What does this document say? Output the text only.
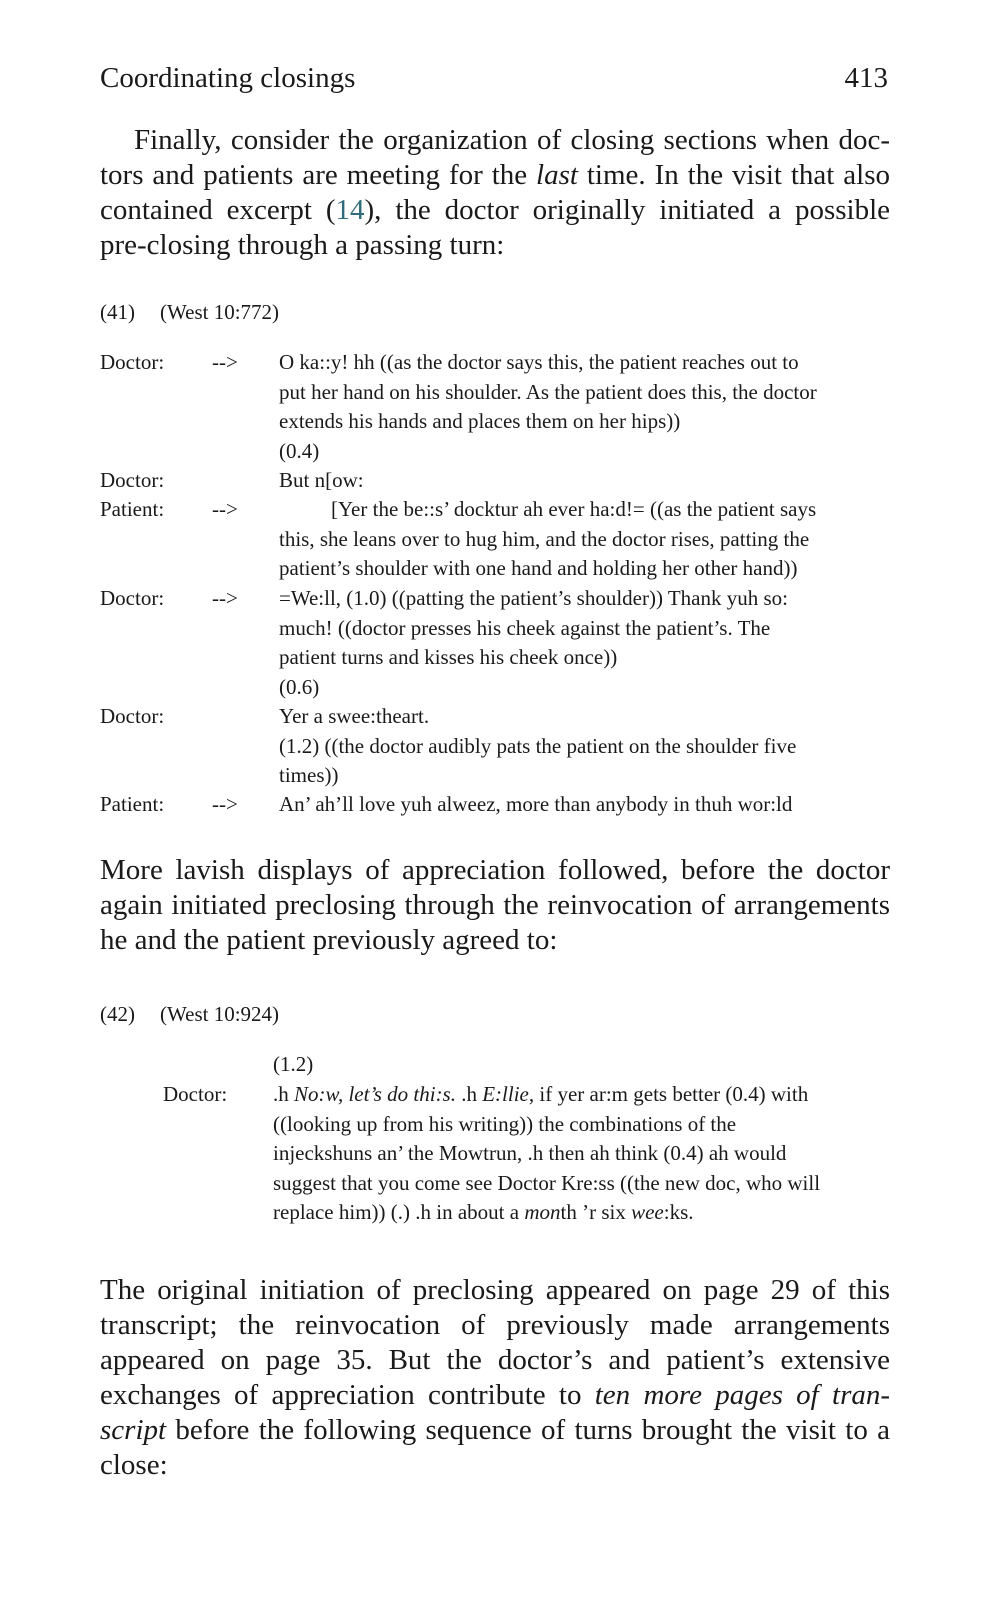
Coordinating closings	413

Finally, consider the organization of closing sections when doc-tors and patients are meeting for the last time. In the visit that also contained excerpt (14), the doctor originally initiated a possible pre-closing through a passing turn:

(41) (West 10:772)
Doctor: --> O ka::y! hh ((as the doctor says this, the patient reaches out to
put her hand on his shoulder. As the patient does this, the doctor
extends his hands and places them on her hips))
(0.4)
Doctor:	But n[ow:
Patient: -->	[Yer the be::s’ docktur ah ever ha:d!= ((as the patient says
this, she leans over to hug him, and the doctor rises, patting the
patient’s shoulder with one hand and holding her other hand))
Doctor: --> =We:ll, (1.0) ((patting the patient’s shoulder)) Thank yuh so:
much! ((doctor presses his cheek against the patient’s. The
patient turns and kisses his cheek once))
(0.6)
Doctor:	Yer a swee:theart.
(1.2) ((the doctor audibly pats the patient on the shoulder five
times))
Patient: --> An’ ah’ll love yuh alweez, more than anybody in thuh wor:ld

More lavish displays of appreciation followed, before the doctor again initiated preclosing through the reinvocation of arrangements he and the patient previously agreed to:

(42) (West 10:924)
(1.2)
Doctor: .h No:w, let’s do thi:s. .h E:llie, if yer ar:m gets better (0.4) with
((looking up from his writing)) the combinations of the
injeckshuns an’ the Mowtrun, .h then ah think (0.4) ah would
suggest that you come see Doctor Kre:ss ((the new doc, who will
replace him)) (.) .h in about a month ’r six wee:ks.

The original initiation of preclosing appeared on page 29 of this transcript; the reinvocation of previously made arrangements appeared on page 35. But the doctor’s and patient’s extensive exchanges of appreciation contribute to ten more pages of tran-script before the following sequence of turns brought the visit to a close:
